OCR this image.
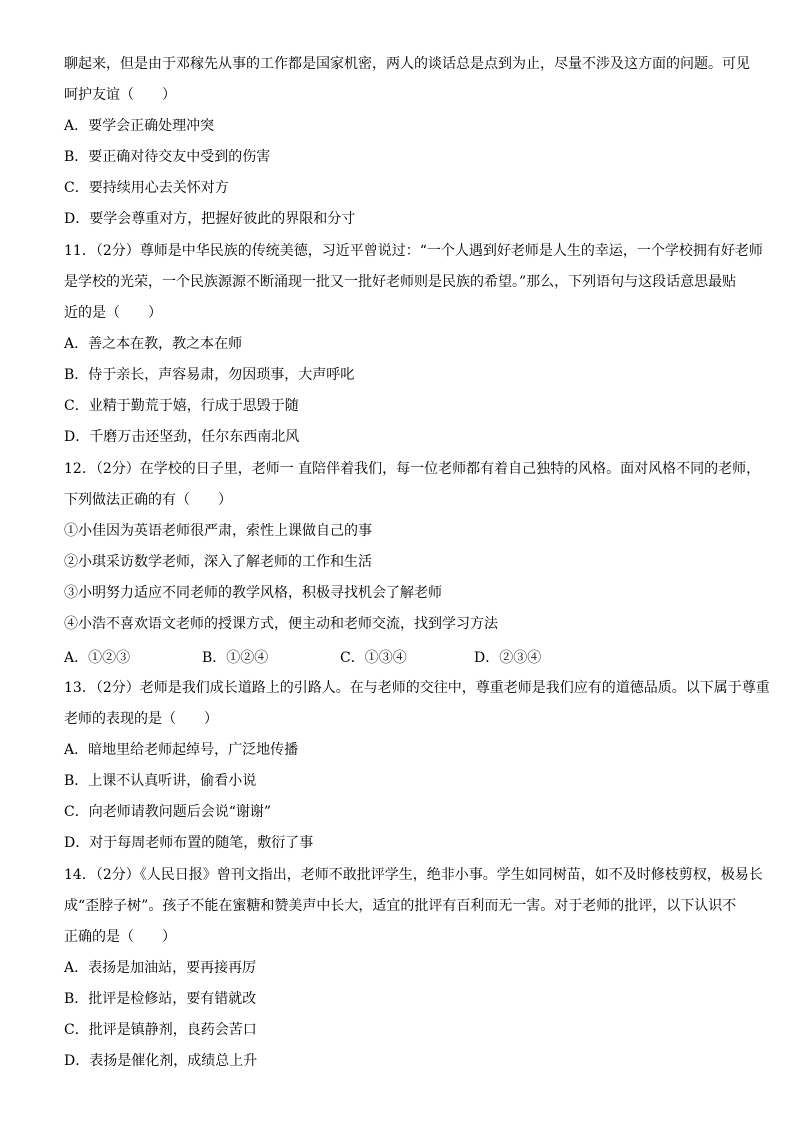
聊起来，但是由于邓稼先从事的工作都是国家机密，两人的谈话总是点到为止，尽量不涉及这方面的问题。可见
呵护友谊（　　）
A．要学会正确处理冲突
B．要正确对待交友中受到的伤害
C．要持续用心去关怀对方
D．要学会尊重对方，把握好彼此的界限和分寸
11．（2分）尊师是中华民族的传统美德，习近平曾说过：“一个人遇到好老师是人生的幸运，一个学校拥有好老师
是学校的光荣，一个民族源源不断涌现一批又一批好老师则是民族的希望。”那么，下列语句与这段话意思最贴
近的是（　　）
A．善之本在教，教之本在师
B．侍于亲长，声容易肃，勿因琐事，大声呼叱
C．业精于勤荒于嬉，行成于思毁于随
D．千磨万击还坚劲，任尔东西南北风
12．（2分）在学校的日子里，老师一 直陪伴着我们，每一位老师都有着自己独特的风格。面对风格不同的老师，
下列做法正确的有（　　）
①小佳因为英语老师很严肃，索性上课做自己的事
②小琪采访数学老师，深入了解老师的工作和生活
③小明努力适应不同老师的教学风格，积极寻找机会了解老师
④小浩不喜欢语文老师的授课方式，便主动和老师交流，找到学习方法
A．①②③	B．①②④	C．①③④	D．②③④
13．（2分）老师是我们成长道路上的引路人。在与老师的交往中，尊重老师是我们应有的道德品质。以下属于尊重
老师的表现的是（　　）
A．暗地里给老师起绰号，广泛地传播
B．上课不认真听讲，偷看小说
C．向老师请教问题后会说“谢谢”
D．对于每周老师布置的随笔，敷衍了事
14．（2分）《人民日报》曾刊文指出，老师不敢批评学生，绝非小事。学生如同树苗，如不及时修枝剪杈，极易长
成“歪脖子树”。孩子不能在蜜糖和赞美声中长大，适宜的批评有百利而无一害。对于老师的批评，以下认识不
正确的是（　　）
A．表扬是加油站，要再接再厉
B．批评是检修站，要有错就改
C．批评是镇静剂，良药会苦口
D．表扬是催化剂，成绩总上升
